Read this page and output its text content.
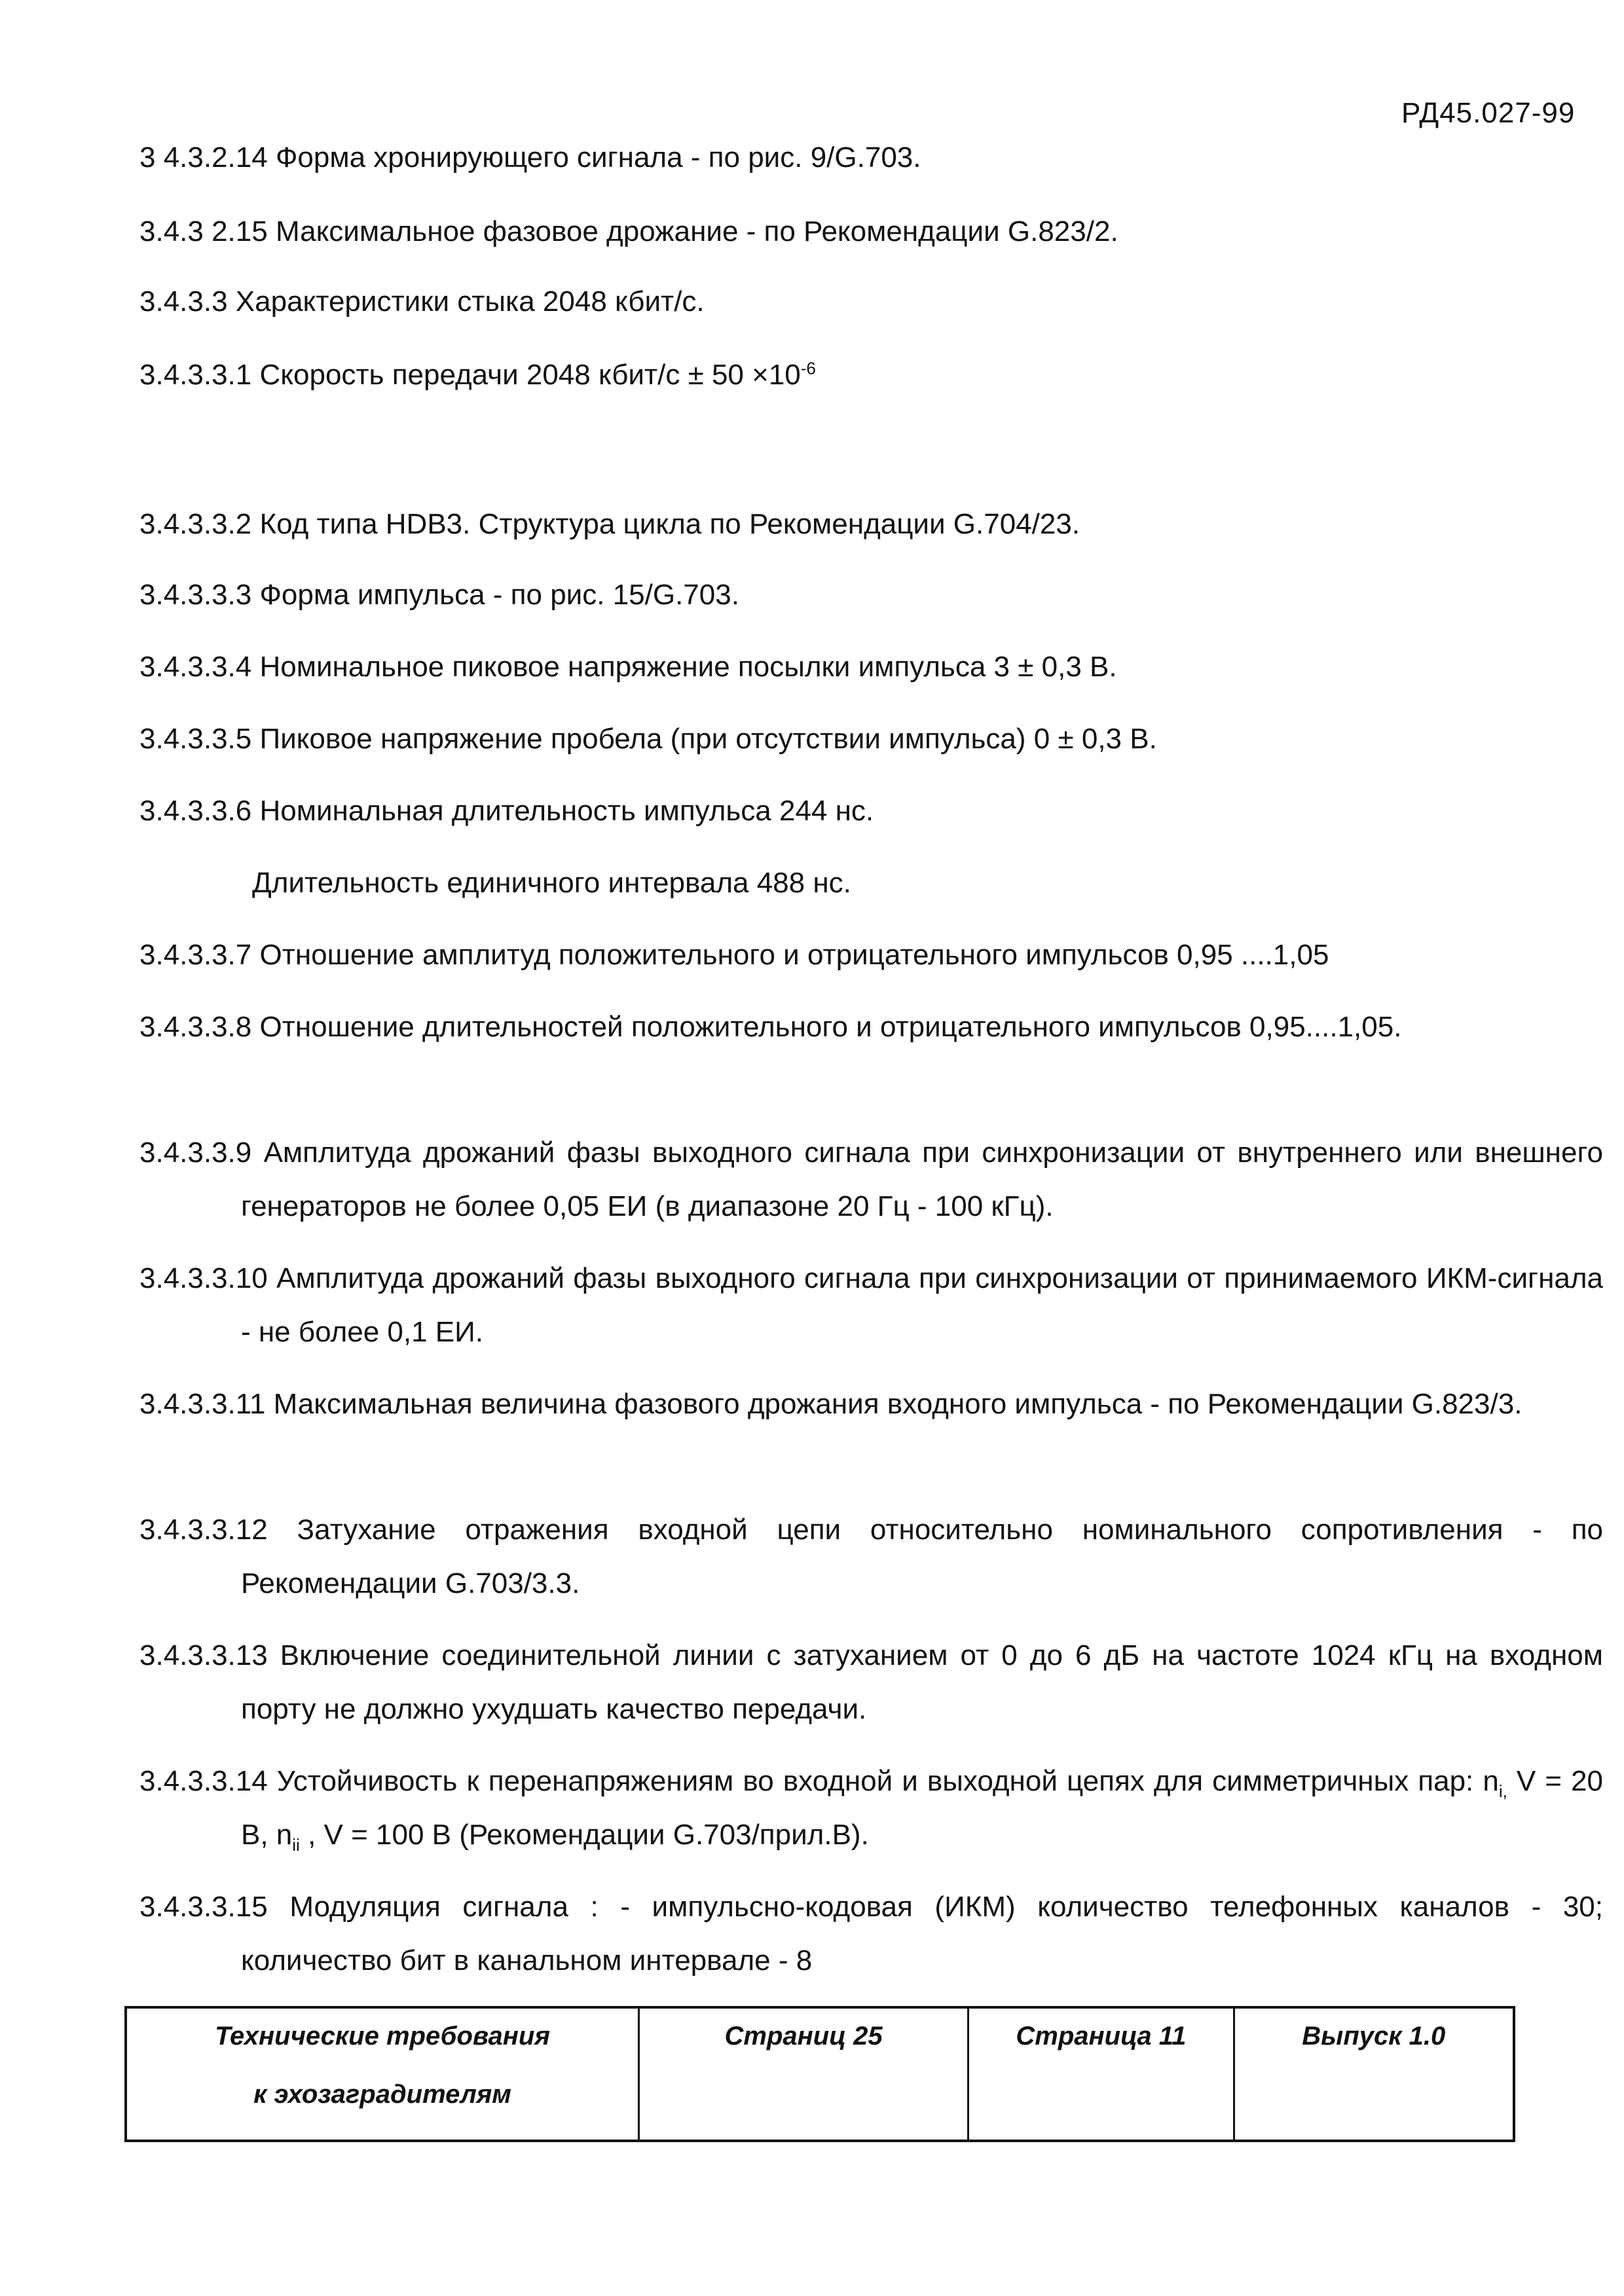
РД45.027-99
3 4.3.2.14 Форма хронирующего сигнала - по рис. 9/G.703.
3.4.3 2.15 Максимальное фазовое дрожание - по Рекомендации G.823/2.
3.4.3.3 Характеристики стыка 2048 кбит/с.
3.4.3.3.1 Скорость передачи 2048 кбит/с ± $50 \times 10^{-6}$
3.4.3.3.2 Код типа HDB3. Структура цикла по Рекомендации G.704/23.
3.4.3.3.3 Форма импульса - по рис. 15/G.703.
3.4.3.3.4 Номинальное пиковое напряжение посылки импульса 3 ± 0,3 В.
3.4.3.3.5 Пиковое напряжение пробела (при отсутствии импульса) 0 ± 0,3 В.
3.4.3.3.6 Номинальная длительность импульса 244 нс.
Длительность единичного интервала 488 нс.
3.4.3.3.7 Отношение амплитуд положительного и отрицательного импульсов 0,95 ....1,05
3.4.3.3.8 Отношение длительностей положительного и отрицательного импульсов 0,95....1,05.
3.4.3.3.9 Амплитуда дрожаний фазы выходного сигнала при синхронизации от внутреннего или внешнего генераторов не более 0,05 ЕИ (в диапазоне 20 Гц - 100 кГц).
3.4.3.3.10 Амплитуда дрожаний фазы выходного сигнала при синхронизации от принимаемого ИКМ-сигнала - не более 0,1 ЕИ.
3.4.3.3.11 Максимальная величина фазового дрожания входного импульса - по Рекомендации G.823/3.
3.4.3.3.12 Затухание отражения входной цепи относительно номинального сопротивления - по Рекомендации G.703/3.3.
3.4.3.3.13 Включение соединительной линии с затуханием от 0 до 6 дБ на частоте 1024 кГц на входном порту не должно ухудшать качество передачи.
3.4.3.3.14 Устойчивость к перенапряжениям во входной и выходной цепях для симметричных пар: $n_{i,}$ V = 20 В, $n_{ii}$ , V = 100 В (Рекомендации G.703/прил.В).
3.4.3.3.15 Модуляция сигнала : - импульсно-кодовая (ИКМ) количество телефонных каналов - 30; количество бит в канальном интервале - 8
Технические требования
к эхозаградителям
Страниц 25	Страница 11	Выпуск 1.0
